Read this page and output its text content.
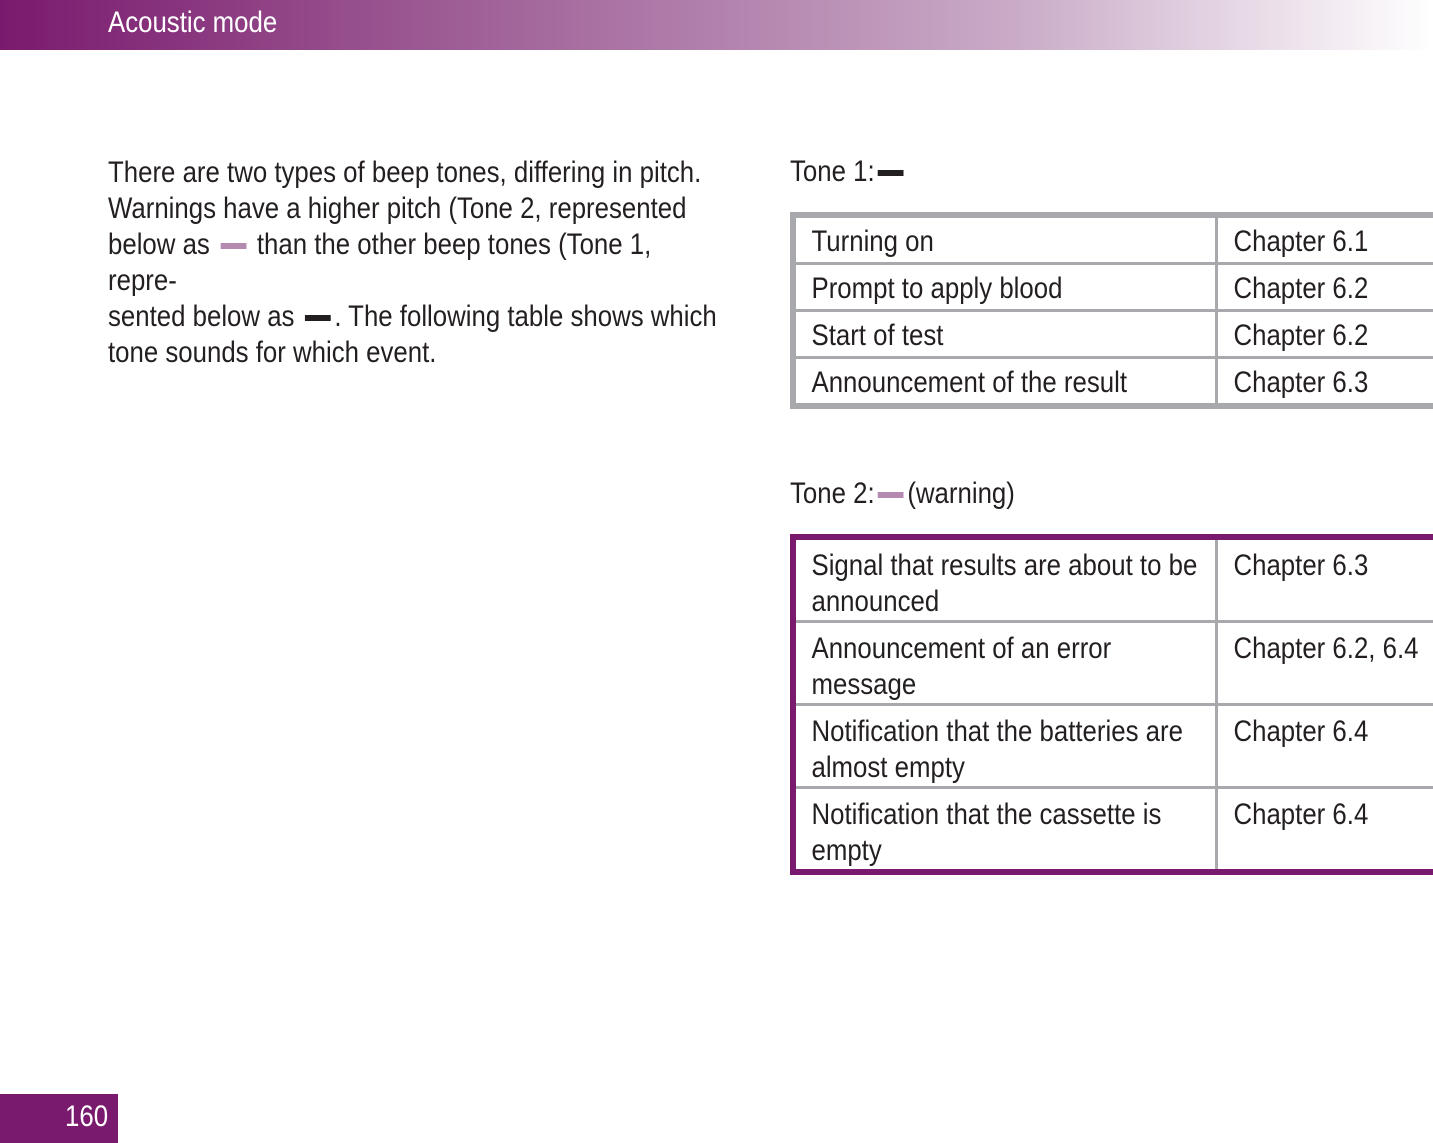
Acoustic mode
There are two types of beep tones, differing in pitch.
Warnings have a higher pitch (Tone 2, represented
below as  than the other beep tones (Tone 1, repre-
sented below as . The following table shows which
tone sounds for which event.
Tone 1:
Turning on	Chapter 6.1

Prompt to apply blood	Chapter 6.2

Start of test	Chapter 6.2

Announcement of the result	Chapter 6.3
Tone 2: (warning)
Signal that results are about to be
announced	Chapter 6.3

Announcement of an error
message	Chapter 6.2, 6.4

Notification that the batteries are
almost empty	Chapter 6.4

Notification that the cassette is
empty	Chapter 6.4
160
